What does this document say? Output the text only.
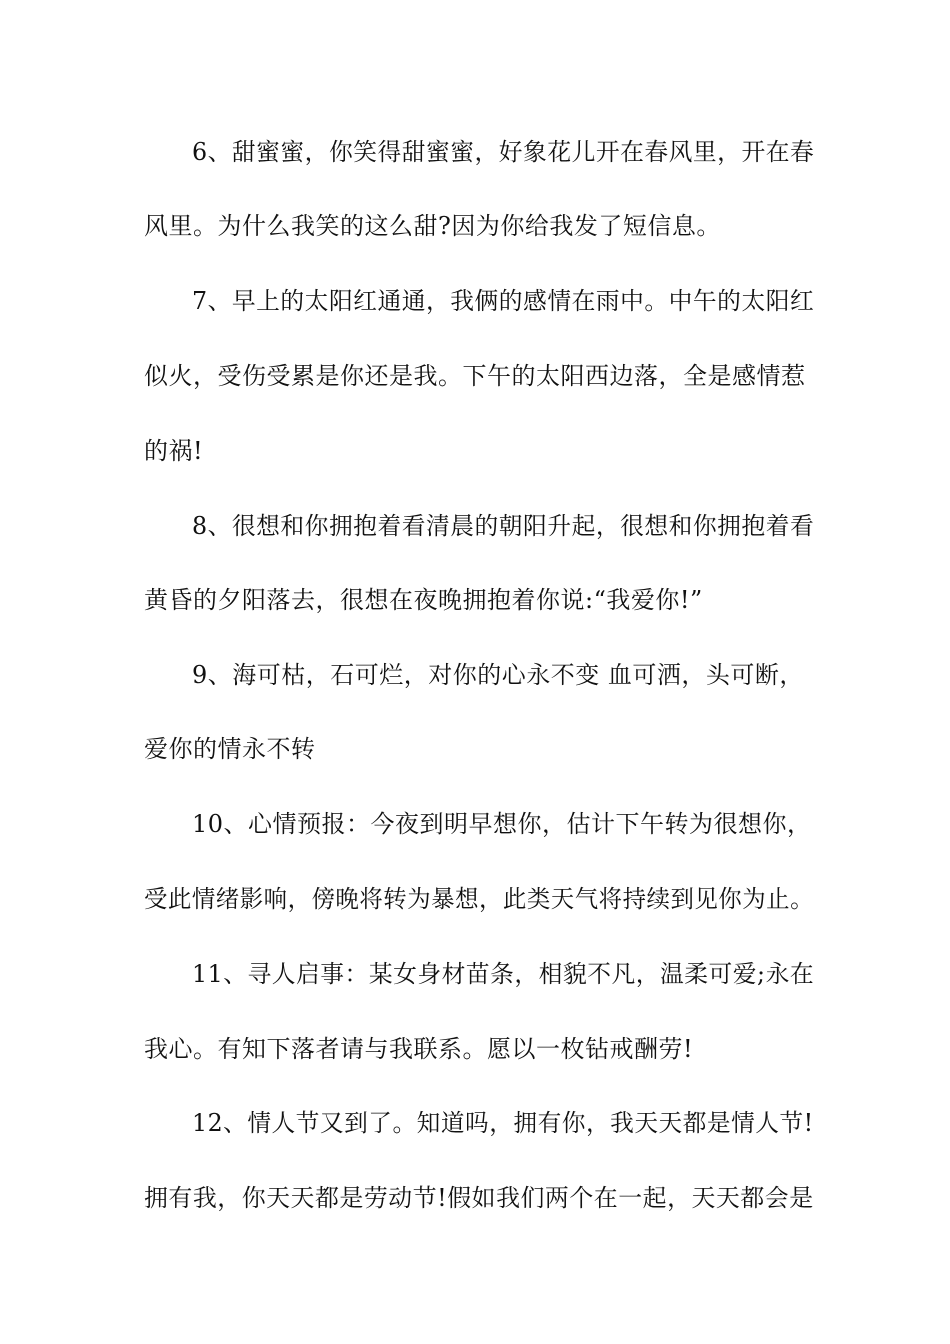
6、甜蜜蜜，你笑得甜蜜蜜，好象花儿开在春风里，开在春
风里。为什么我笑的这么甜?因为你给我发了短信息。
7、早上的太阳红通通，我俩的感情在雨中。中午的太阳红
似火，受伤受累是你还是我。下午的太阳西边落，全是感情惹
的祸!
8、很想和你拥抱着看清晨的朝阳升起，很想和你拥抱着看
黄昏的夕阳落去，很想在夜晚拥抱着你说:“我爱你!”
9、海可枯，石可烂，对你的心永不变 血可洒，头可断，
爱你的情永不转
10、心情预报：今夜到明早想你，估计下午转为很想你，
受此情绪影响，傍晚将转为暴想，此类天气将持续到见你为止。
11、寻人启事：某女身材苗条，相貌不凡，温柔可爱;永在
我心。有知下落者请与我联系。愿以一枚钻戒酬劳!
12、情人节又到了。知道吗，拥有你，我天天都是情人节!
拥有我，你天天都是劳动节!假如我们两个在一起，天天都会是
